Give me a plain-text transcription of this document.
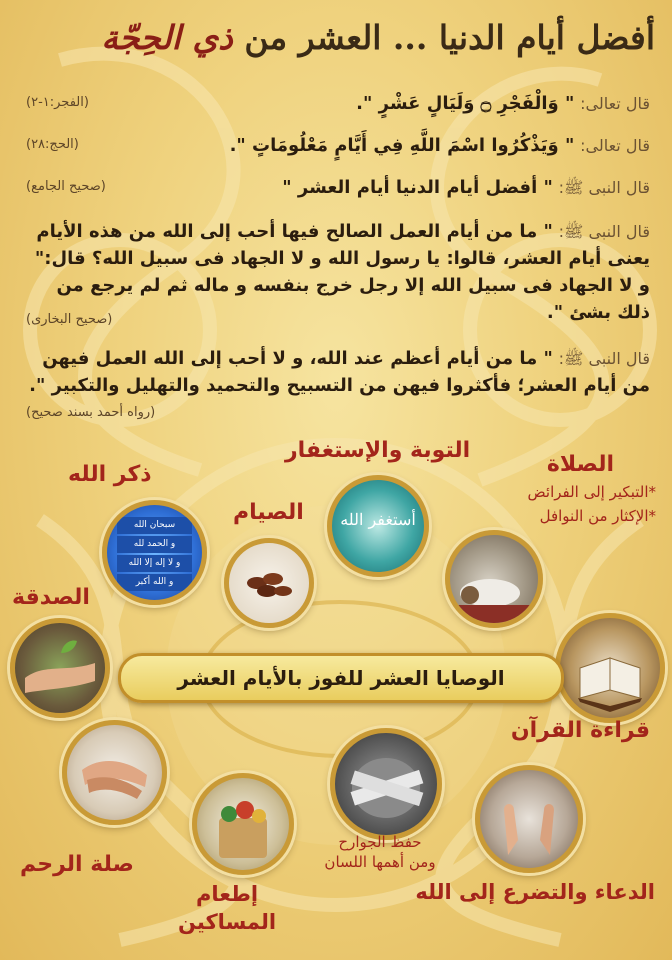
أفضل أيام الدنيا ... العشر من ذي الحِجّة
قال تعالى: " وَالْفَجْرِ ۝ وَلَيَالٍ عَشْرٍ ".
(الفجر:١-٢)
قال تعالى: " وَيَذْكُرُوا اسْمَ اللَّهِ فِي أَيَّامٍ مَعْلُومَاتٍ ".
(الحج:٢٨)
قال النبى ﷺ: " أفضل أيام الدنيا أيام العشر "
(صحيح الجامع)
قال النبى ﷺ: " ما من أيام العمل الصالح فيها أحب إلى الله من هذه الأيام يعنى أيام العشر، قالوا: يا رسول الله و لا الجهاد فى سبيل الله؟ قال:" و لا الجهاد فى سبيل الله إلا رجل خرج بنفسه و ماله ثم لم يرجع من ذلك بشئ ".
(صحيح البخارى)
قال النبى ﷺ: " ما من أيام أعظم عند الله، و لا أحب إلى الله العمل فيهن من أيام العشر؛ فأكثروا فيهن من التسبيح والتحميد والتهليل والتكبير ".
(رواه أحمد بسند صحيح)
الصلاة
*التبكير إلى الفرائض
*الإكثار من النوافل
التوبة والإستغفار
أستغفر الله
الصيام
ذكر الله
سبحان الله
و الحمد لله
و لا إله إلا الله
و الله أكبر
الصدقة
قراءة القرآن
الوصايا العشر للفوز بالأيام العشر
صلة الرحم
إطعام
المساكين
حفظ الجوارح
ومن أهمها اللسان
الدعاء والتضرع إلى الله
